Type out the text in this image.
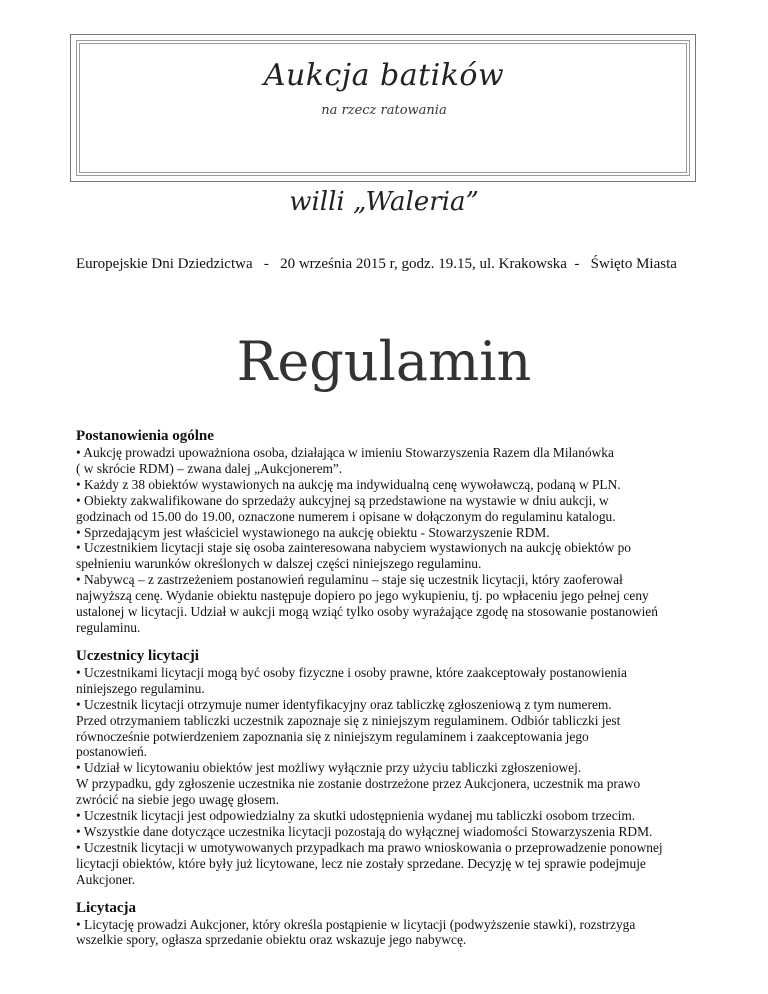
Aukcja batików
na rzecz ratowania
willi „Waleria”

Europejskie Dni Dziedzictwa   -   20 września 2015 r, godz. 19.15, ul. Krakowska  -   Święto Miasta

Regulamin
Postanowienia ogólne

• Aukcję prowadzi upoważniona osoba, działająca w imieniu Stowarzyszenia Razem dla Milanówka

( w skrócie RDM) – zwana dalej „Aukcjonerem”.

• Każdy z 38 obiektów wystawionych na aukcję ma indywidualną cenę wywoławczą, podaną w PLN.

• Obiekty zakwalifikowane do sprzedaży aukcyjnej są przedstawione na wystawie w dniu aukcji, w

godzinach od 15.00 do 19.00, oznaczone numerem i opisane w dołączonym do regulaminu katalogu.

• Sprzedającym jest właściciel wystawionego na aukcję obiektu - Stowarzyszenie RDM.

• Uczestnikiem licytacji staje się osoba zainteresowana nabyciem wystawionych na aukcję obiektów po

spełnieniu warunków określonych w dalszej części niniejszego regulaminu.

• Nabywcą – z zastrzeżeniem postanowień regulaminu – staje się uczestnik licytacji, który zaoferował

najwyższą cenę. Wydanie obiektu następuje dopiero po jego wykupieniu, tj. po wpłaceniu jego pełnej ceny

ustalonej w licytacji. Udział w aukcji mogą wziąć tylko osoby wyrażające zgodę na stosowanie postanowień

regulaminu.

Uczestnicy licytacji

• Uczestnikami licytacji mogą być osoby fizyczne i osoby prawne, które zaakceptowały postanowienia

niniejszego regulaminu.

• Uczestnik licytacji otrzymuje numer identyfikacyjny oraz tabliczkę zgłoszeniową z tym numerem.

Przed otrzymaniem tabliczki uczestnik zapoznaje się z niniejszym regulaminem. Odbiór tabliczki jest

równocześnie potwierdzeniem zapoznania się z niniejszym regulaminem i zaakceptowania jego

postanowień.

• Udział w licytowaniu obiektów jest możliwy wyłącznie przy użyciu tabliczki zgłoszeniowej.

W przypadku, gdy zgłoszenie uczestnika nie zostanie dostrzeżone przez Aukcjonera, uczestnik ma prawo

zwrócić na siebie jego uwagę głosem.

• Uczestnik licytacji jest odpowiedzialny za skutki udostępnienia wydanej mu tabliczki osobom trzecim.

• Wszystkie dane dotyczące uczestnika licytacji pozostają do wyłącznej wiadomości Stowarzyszenia RDM.

• Uczestnik licytacji w umotywowanych przypadkach ma prawo wnioskowania o przeprowadzenie ponownej

licytacji obiektów, które były już licytowane, lecz nie zostały sprzedane. Decyzję w tej sprawie podejmuje

Aukcjoner.

Licytacja

• Licytację prowadzi Aukcjoner, który określa postąpienie w licytacji (podwyższenie stawki), rozstrzyga

wszelkie spory, ogłasza sprzedanie obiektu oraz wskazuje jego nabywcę.
